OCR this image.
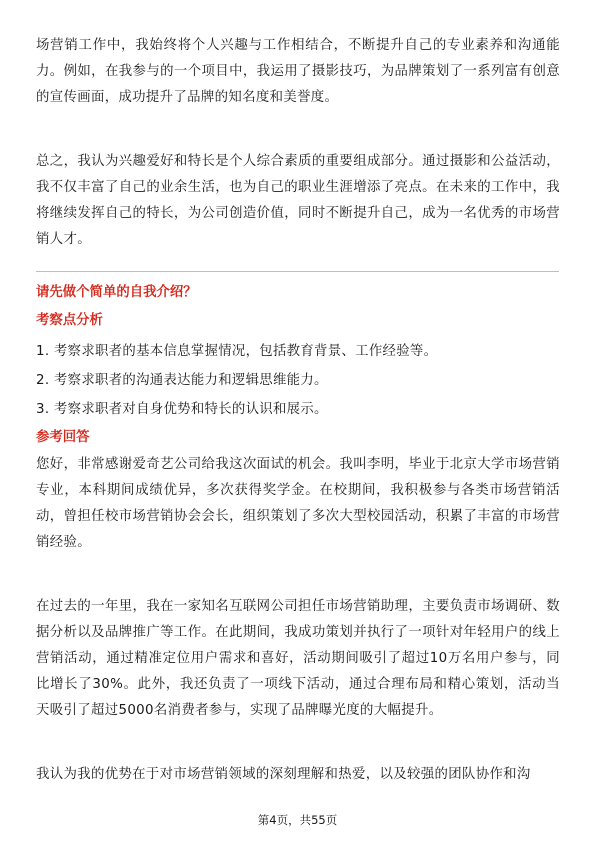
场营销工作中，我始终将个人兴趣与工作相结合，不断提升自己的专业素养和沟通能力。例如，在我参与的一个项目中，我运用了摄影技巧，为品牌策划了一系列富有创意的宣传画面，成功提升了品牌的知名度和美誉度。

总之，我认为兴趣爱好和特长是个人综合素质的重要组成部分。通过摄影和公益活动，我不仅丰富了自己的业余生活，也为自己的职业生涯增添了亮点。在未来的工作中，我将继续发挥自己的特长，为公司创造价值，同时不断提升自己，成为一名优秀的市场营销人才。

请先做个简单的自我介绍？

考察点分析

1. 考察求职者的基本信息掌握情况，包括教育背景、工作经验等。
2. 考察求职者的沟通表达能力和逻辑思维能力。
3. 考察求职者对自身优势和特长的认识和展示。

参考回答

您好，非常感谢爱奇艺公司给我这次面试的机会。我叫李明，毕业于北京大学市场营销专业，本科期间成绩优异，多次获得奖学金。在校期间，我积极参与各类市场营销活动，曾担任校市场营销协会会长，组织策划了多次大型校园活动，积累了丰富的市场营销经验。

在过去的一年里，我在一家知名互联网公司担任市场营销助理，主要负责市场调研、数据分析以及品牌推广等工作。在此期间，我成功策划并执行了一项针对年轻用户的线上营销活动，通过精准定位用户需求和喜好，活动期间吸引了超过10万名用户参与，同比增长了30%。此外，我还负责了一项线下活动，通过合理布局和精心策划，活动当天吸引了超过5000名消费者参与，实现了品牌曝光度的大幅提升。

我认为我的优势在于对市场营销领域的深刻理解和热爱，以及较强的团队协作和沟

第4页，共55页
